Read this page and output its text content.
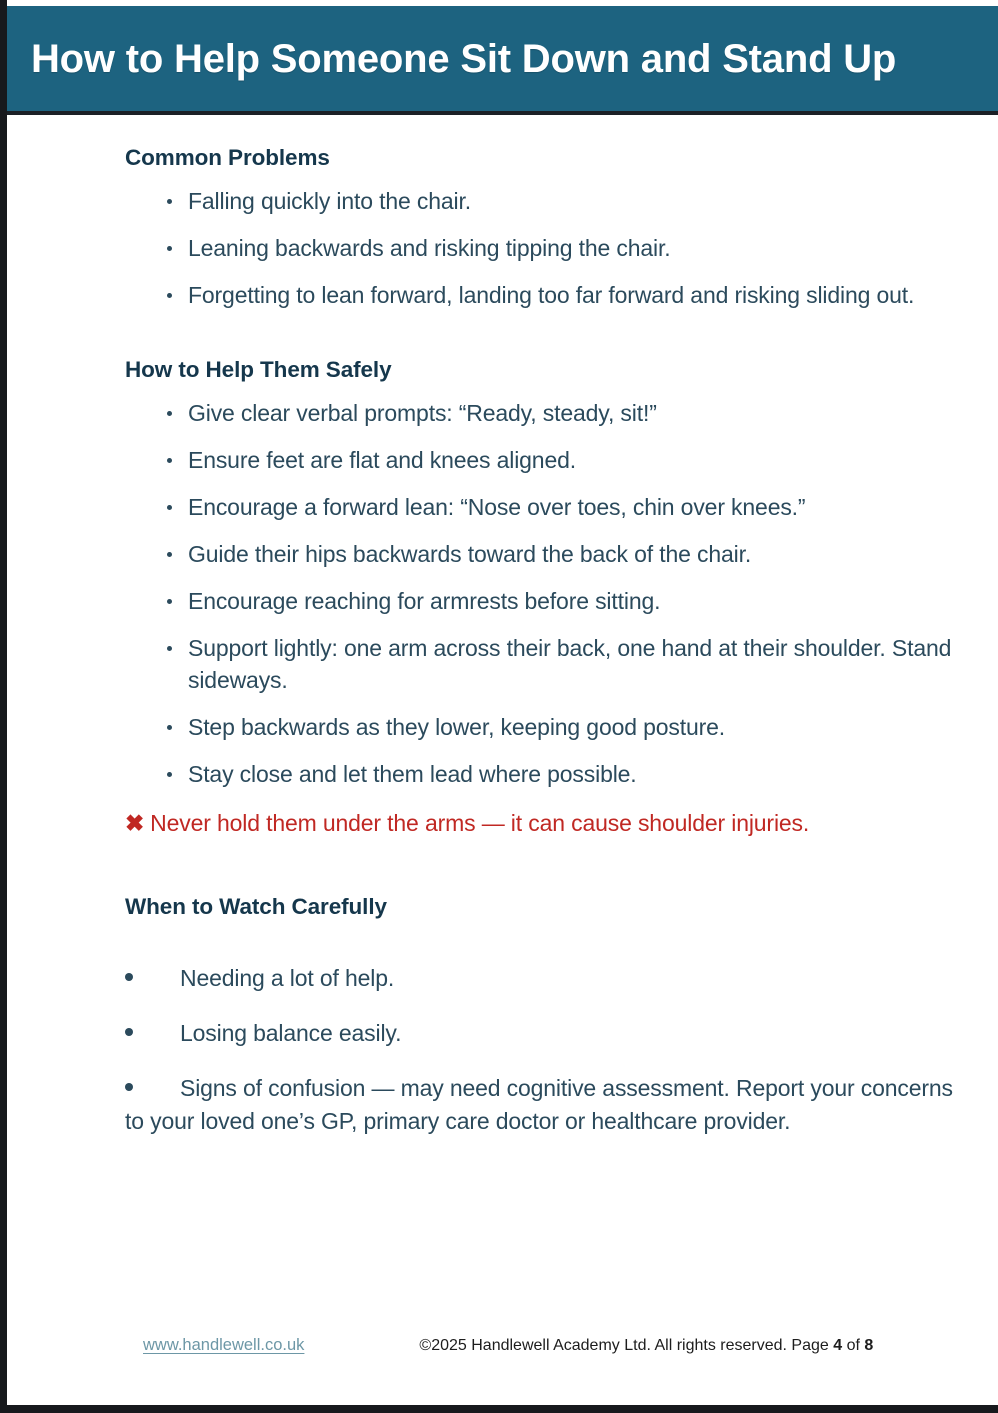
How to Help Someone Sit Down and Stand Up
Common Problems
Falling quickly into the chair.
Leaning backwards and risking tipping the chair.
Forgetting to lean forward, landing too far forward and risking sliding out.
How to Help Them Safely
Give clear verbal prompts: “Ready, steady, sit!”
Ensure feet are flat and knees aligned.
Encourage a forward lean: “Nose over toes, chin over knees.”
Guide their hips backwards toward the back of the chair.
Encourage reaching for armrests before sitting.
Support lightly: one arm across their back, one hand at their shoulder. Stand sideways.
Step backwards as they lower, keeping good posture.
Stay close and let them lead where possible.

✖ Never hold them under the arms — it can cause shoulder injuries.

When to Watch Carefully
Needing a lot of help.
Losing balance easily.
Signs of confusion — may need cognitive assessment. Report your concerns to your loved one’s GP, primary care doctor or healthcare provider.
www.handlewell.co.uk	©2025 Handlewell Academy Ltd. All rights reserved. Page 4 of 8
